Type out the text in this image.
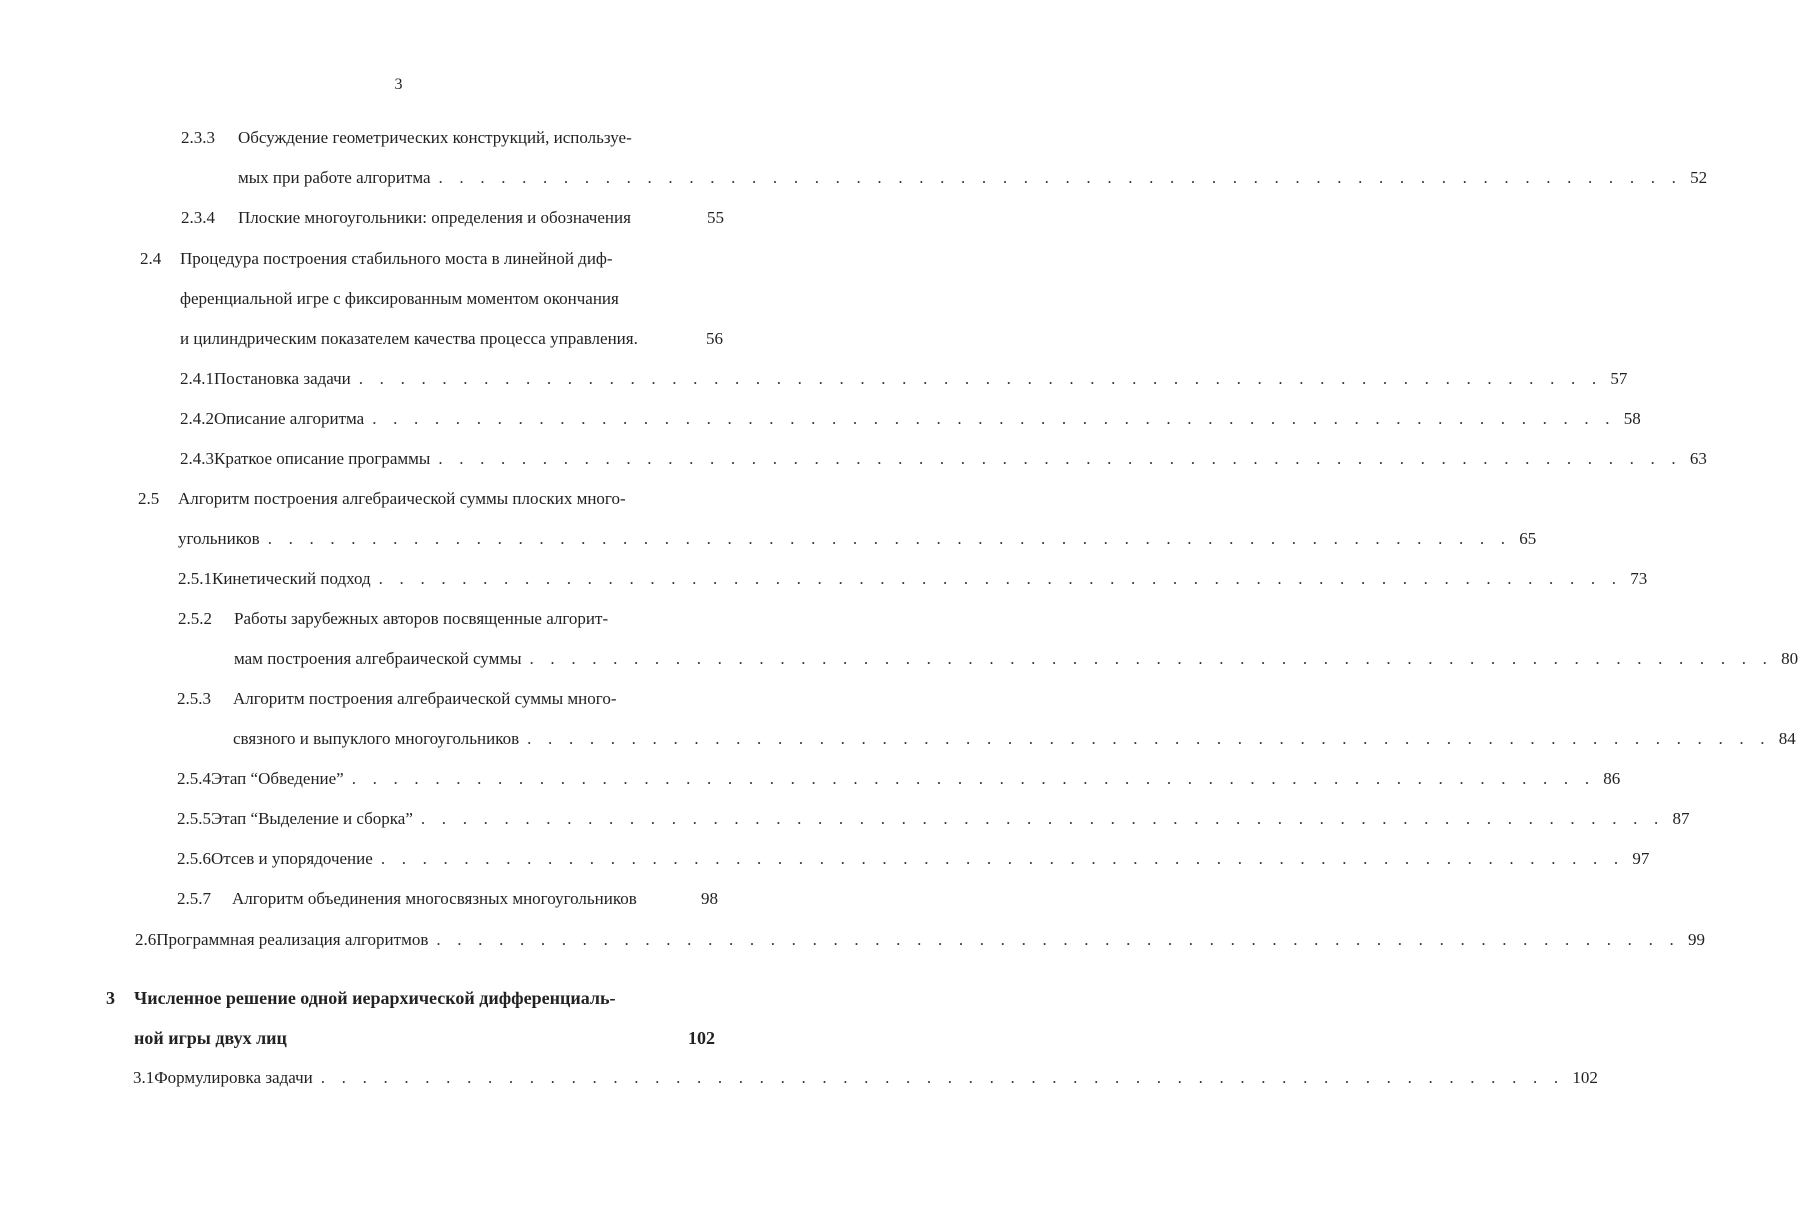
3
2.3.3	Обсуждение геометрических конструкций, используе-
мых при работе алгоритма . . . . . . . . . . . . . . . . . . . . . . . . . . . . . . . . . . . . . . . . . . . . . . . . . . . . . . . . . . . . 52
2.3.4	Плоские многоугольники: определения и обозначения	55
2.4	Процедура построения стабильного моста в линейной диф-
ференциальной игре с фиксированным моментом окончания
и цилиндрическим показателем качества процесса управления.	56
2.4.1 Постановка задачи . . . . . . . . . . . . . . . . . . . . . . . . . . . . . . . . . . . . . . . . . . . . . . . . . . . . . . . . . . . . 57
2.4.2 Описание алгоритма . . . . . . . . . . . . . . . . . . . . . . . . . . . . . . . . . . . . . . . . . . . . . . . . . . . . . . . . . . . . 58
2.4.3 Краткое описание программы . . . . . . . . . . . . . . . . . . . . . . . . . . . . . . . . . . . . . . . . . . . . . . . . . . . . . . . . . . . . 63
2.5	Алгоритм построения алгебраической суммы плоских много-
угольников . . . . . . . . . . . . . . . . . . . . . . . . . . . . . . . . . . . . . . . . . . . . . . . . . . . . . . . . . . . . 65
2.5.1 Кинетический подход . . . . . . . . . . . . . . . . . . . . . . . . . . . . . . . . . . . . . . . . . . . . . . . . . . . . . . . . . . . . 73
2.5.2	Работы зарубежных авторов посвященные алгорит-
мам построения алгебраической суммы . . . . . . . . . . . . . . . . . . . . . . . . . . . . . . . . . . . . . . . . . . . . . . . . . . . . . . . . . . . . 80
2.5.3	Алгоритм построения алгебраической суммы много-
связного и выпуклого многоугольников . . . . . . . . . . . . . . . . . . . . . . . . . . . . . . . . . . . . . . . . . . . . . . . . . . . . . . . . . . . . 84
2.5.4 Этап “Обведение” . . . . . . . . . . . . . . . . . . . . . . . . . . . . . . . . . . . . . . . . . . . . . . . . . . . . . . . . . . . . 86
2.5.5 Этап “Выделение и сборка” . . . . . . . . . . . . . . . . . . . . . . . . . . . . . . . . . . . . . . . . . . . . . . . . . . . . . . . . . . . . 87
2.5.6 Отсев и упорядочение . . . . . . . . . . . . . . . . . . . . . . . . . . . . . . . . . . . . . . . . . . . . . . . . . . . . . . . . . . . . 97
2.5.7	Алгоритм объединения многосвязных многоугольников	98
2.6 Программная реализация алгоритмов . . . . . . . . . . . . . . . . . . . . . . . . . . . . . . . . . . . . . . . . . . . . . . . . . . . . . . . . . . . . 99
3	Численное решение одной иерархической дифференциаль-
ной игры двух лиц	102
3.1 Формулировка задачи . . . . . . . . . . . . . . . . . . . . . . . . . . . . . . . . . . . . . . . . . . . . . . . . . . . . . . . . . . . . 102
